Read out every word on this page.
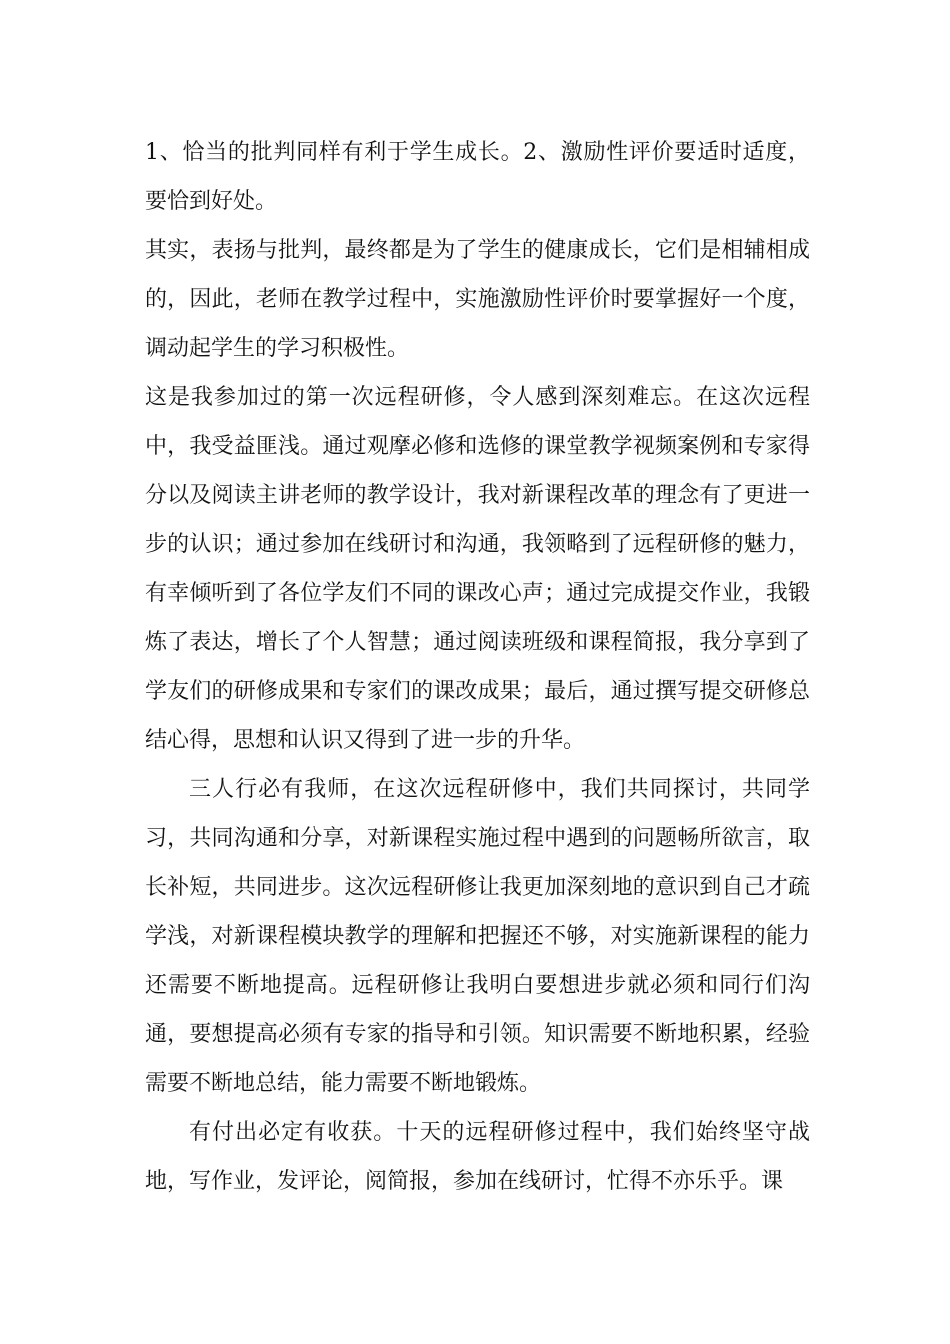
1、恰当的批判同样有利于学生成长。2、激励性评价要适时适度，要恰到好处。

其实，表扬与批判，最终都是为了学生的健康成长，它们是相辅相成的，因此，老师在教学过程中，实施激励性评价时要掌握好一个度，调动起学生的学习积极性。

这是我参加过的第一次远程研修，令人感到深刻难忘。在这次远程中，我受益匪浅。通过观摩必修和选修的课堂教学视频案例和专家得分以及阅读主讲老师的教学设计，我对新课程改革的理念有了更进一步的认识；通过参加在线研讨和沟通，我领略到了远程研修的魅力，有幸倾听到了各位学友们不同的课改心声；通过完成提交作业，我锻炼了表达，增长了个人智慧；通过阅读班级和课程简报，我分享到了学友们的研修成果和专家们的课改成果；最后，通过撰写提交研修总结心得，思想和认识又得到了进一步的升华。

三人行必有我师，在这次远程研修中，我们共同探讨，共同学习，共同沟通和分享，对新课程实施过程中遇到的问题畅所欲言，取长补短，共同进步。这次远程研修让我更加深刻地的意识到自己才疏学浅，对新课程模块教学的理解和把握还不够，对实施新课程的能力还需要不断地提高。远程研修让我明白要想进步就必须和同行们沟通，要想提高必须有专家的指导和引领。知识需要不断地积累，经验需要不断地总结，能力需要不断地锻炼。

有付出必定有收获。十天的远程研修过程中，我们始终坚守战地，写作业，发评论，阅简报，参加在线研讨，忙得不亦乐乎。课
